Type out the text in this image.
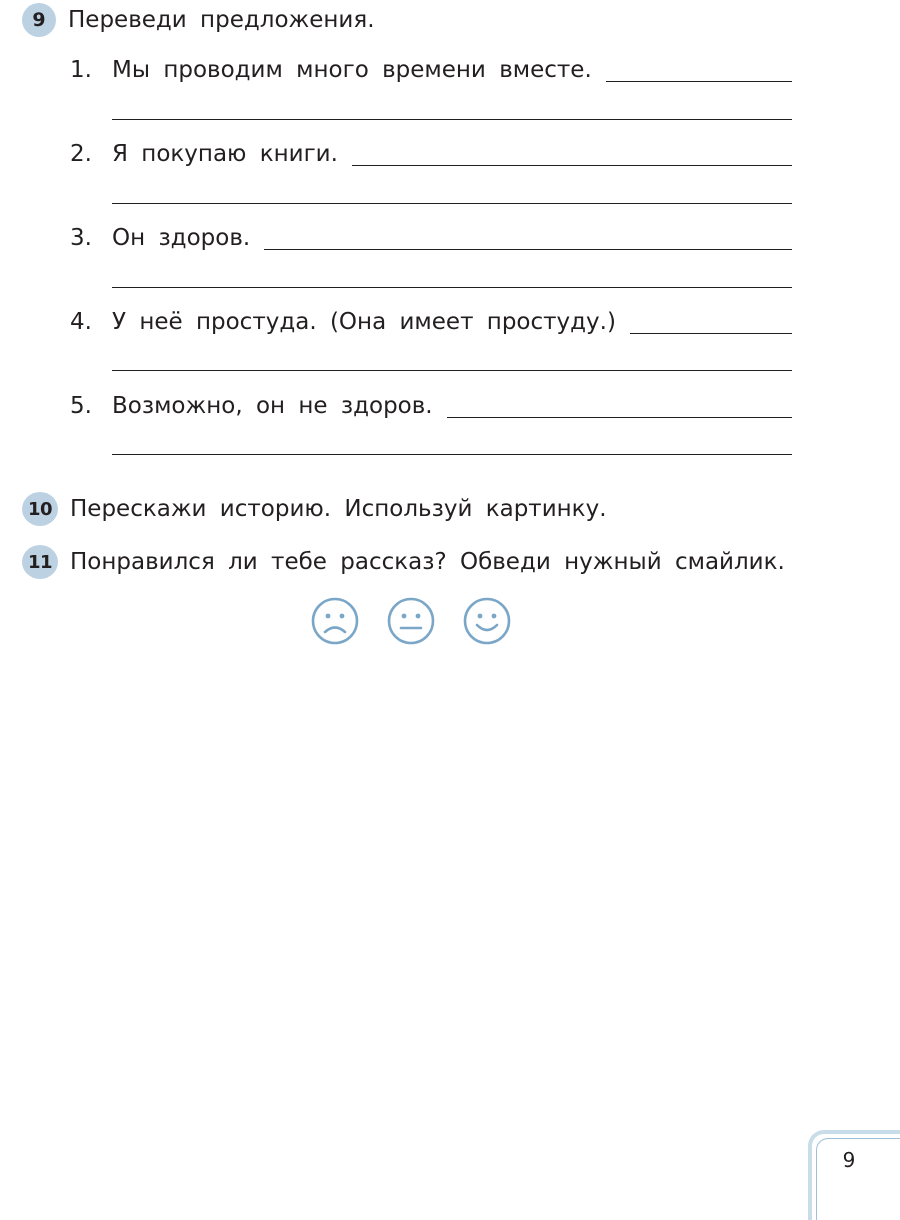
9 Переведи предложения.
1. Мы проводим много времени вместе.
2. Я покупаю книги.
3. Он здоров.
4. У неё простуда. (Она имеет простуду.)
5. Возможно, он не здоров.
10 Перескажи историю. Используй картинку.
11 Понравился ли тебе рассказ? Обведи нужный смайлик.
9
